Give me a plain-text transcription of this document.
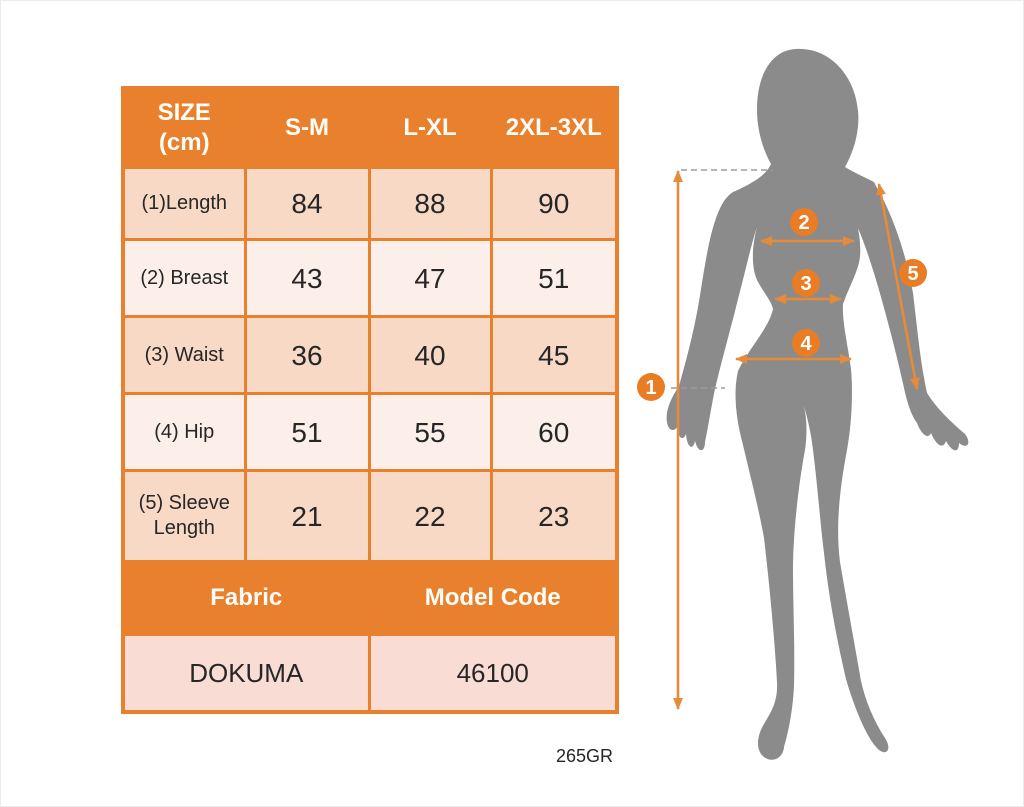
SIZE
(cm)	S-M	L-XL	2XL-3XL
(1)Length	84	88	90
(2) Breast	43	47	51
(3) Waist	36	40	45
(4) Hip	51	55	60
(5) Sleeve Length	21	22	23
Fabric		Model Code	
DOKUMA		46100	
265GR
1
2
3
4
5
